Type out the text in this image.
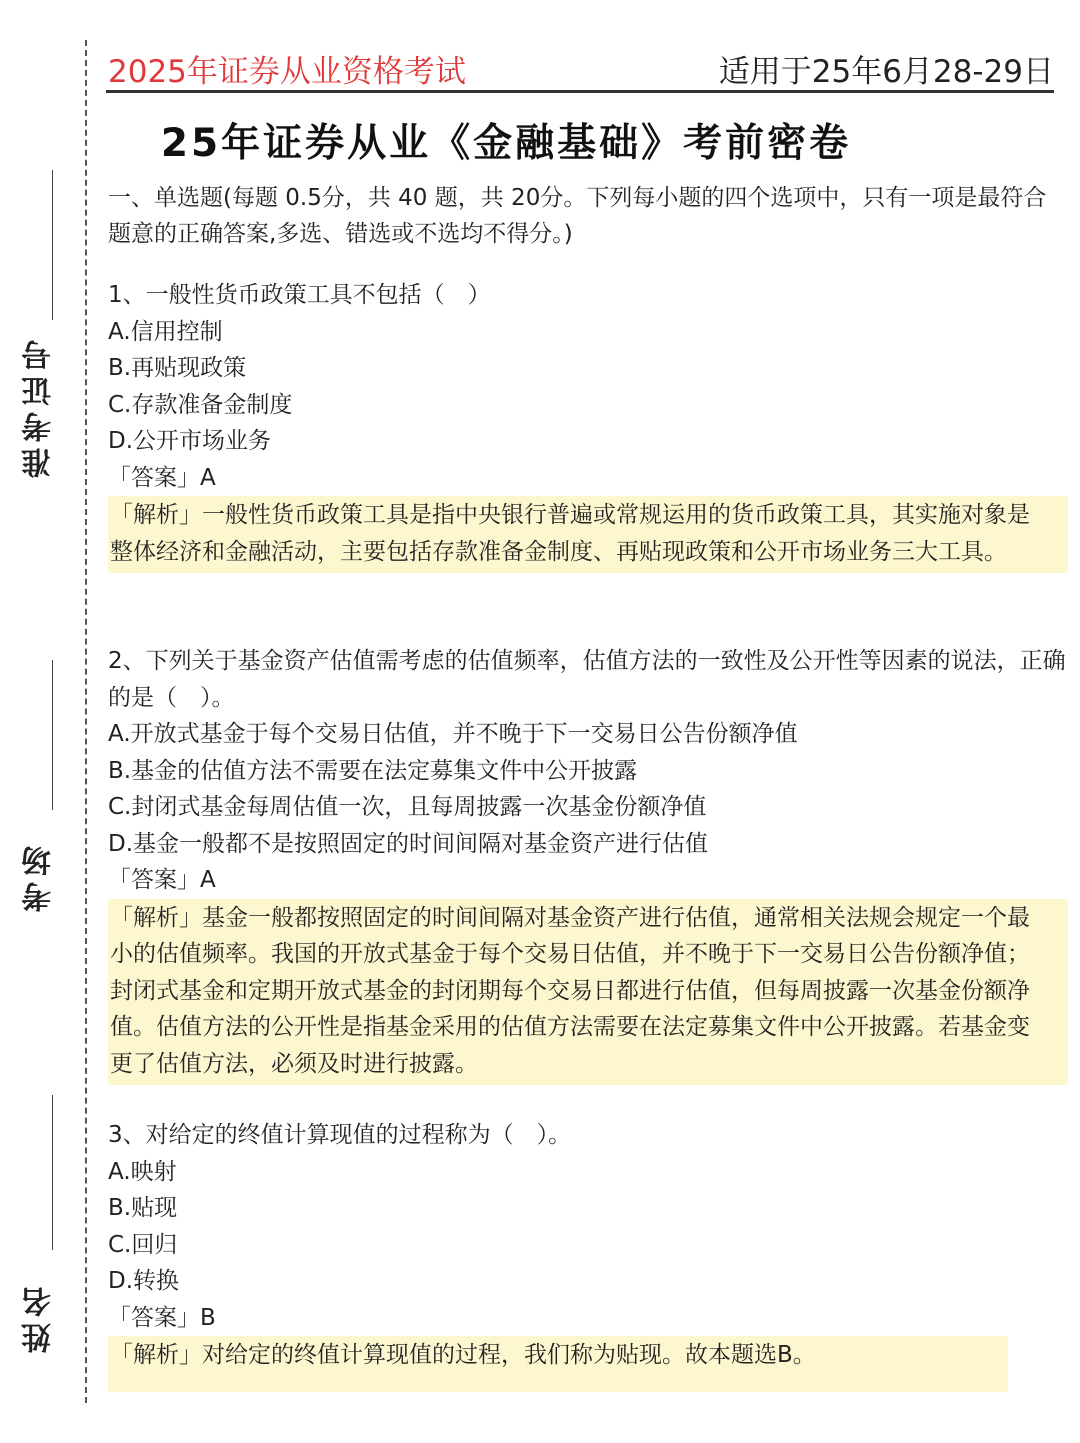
准考证号
考场
姓名
2025年证券从业资格考试	适用于25年6月28-29日
25年证券从业《金融基础》考前密卷
一、单选题(每题 0.5分，共 40 题，共 20分。下列每小题的四个选项中，只有一项是最符合题意的正确答案,多选、错选或不选均不得分。)
1、一般性货币政策工具不包括（　）
A.信用控制
B.再贴现政策
C.存款准备金制度
D.公开市场业务
「答案」A
「解析」一般性货币政策工具是指中央银行普遍或常规运用的货币政策工具，其实施对象是整体经济和金融活动，主要包括存款准备金制度、再贴现政策和公开市场业务三大工具。
2、下列关于基金资产估值需考虑的估值频率，估值方法的一致性及公开性等因素的说法，正确的是（　）。
A.开放式基金于每个交易日估值，并不晚于下一交易日公告份额净值
B.基金的估值方法不需要在法定募集文件中公开披露
C.封闭式基金每周估值一次，且每周披露一次基金份额净值
D.基金一般都不是按照固定的时间间隔对基金资产进行估值
「答案」A
「解析」基金一般都按照固定的时间间隔对基金资产进行估值，通常相关法规会规定一个最小的估值频率。我国的开放式基金于每个交易日估值，并不晚于下一交易日公告份额净值；封闭式基金和定期开放式基金的封闭期每个交易日都进行估值，但每周披露一次基金份额净值。估值方法的公开性是指基金采用的估值方法需要在法定募集文件中公开披露。若基金变更了估值方法，必须及时进行披露。
3、对给定的终值计算现值的过程称为（　）。
A.映射
B.贴现
C.回归
D.转换
「答案」B
「解析」对给定的终值计算现值的过程，我们称为贴现。故本题选B。
